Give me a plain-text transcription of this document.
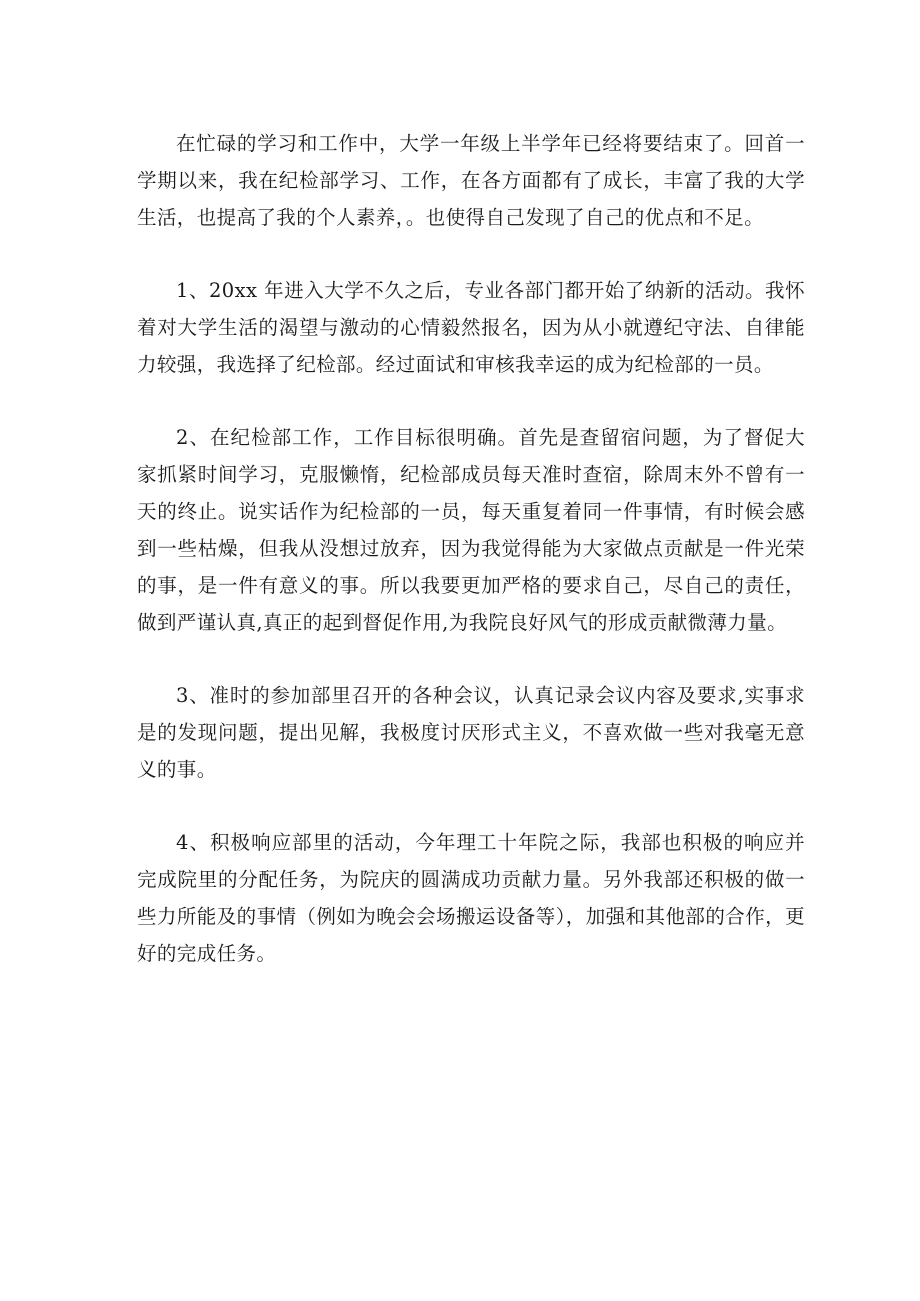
在忙碌的学习和工作中，大学一年级上半学年已经将要结束了。回首一学期以来，我在纪检部学习、工作，在各方面都有了成长，丰富了我的大学生活，也提高了我的个人素养，。也使得自己发现了自己的优点和不足。

1、20xx 年进入大学不久之后，专业各部门都开始了纳新的活动。我怀着对大学生活的渴望与激动的心情毅然报名，因为从小就遵纪守法、自律能力较强，我选择了纪检部。经过面试和审核我幸运的成为纪检部的一员。

2、在纪检部工作，工作目标很明确。首先是查留宿问题，为了督促大家抓紧时间学习，克服懒惰，纪检部成员每天准时查宿，除周末外不曾有一天的终止。说实话作为纪检部的一员，每天重复着同一件事情，有时候会感到一些枯燥，但我从没想过放弃，因为我觉得能为大家做点贡献是一件光荣的事，是一件有意义的事。所以我要更加严格的要求自己，尽自己的责任，做到严谨认真,真正的起到督促作用,为我院良好风气的形成贡献微薄力量。

3、准时的参加部里召开的各种会议，认真记录会议内容及要求,实事求是的发现问题，提出见解，我极度讨厌形式主义，不喜欢做一些对我毫无意义的事。

4、积极响应部里的活动，今年理工十年院之际，我部也积极的响应并完成院里的分配任务，为院庆的圆满成功贡献力量。另外我部还积极的做一些力所能及的事情（例如为晚会会场搬运设备等），加强和其他部的合作，更好的完成任务。
